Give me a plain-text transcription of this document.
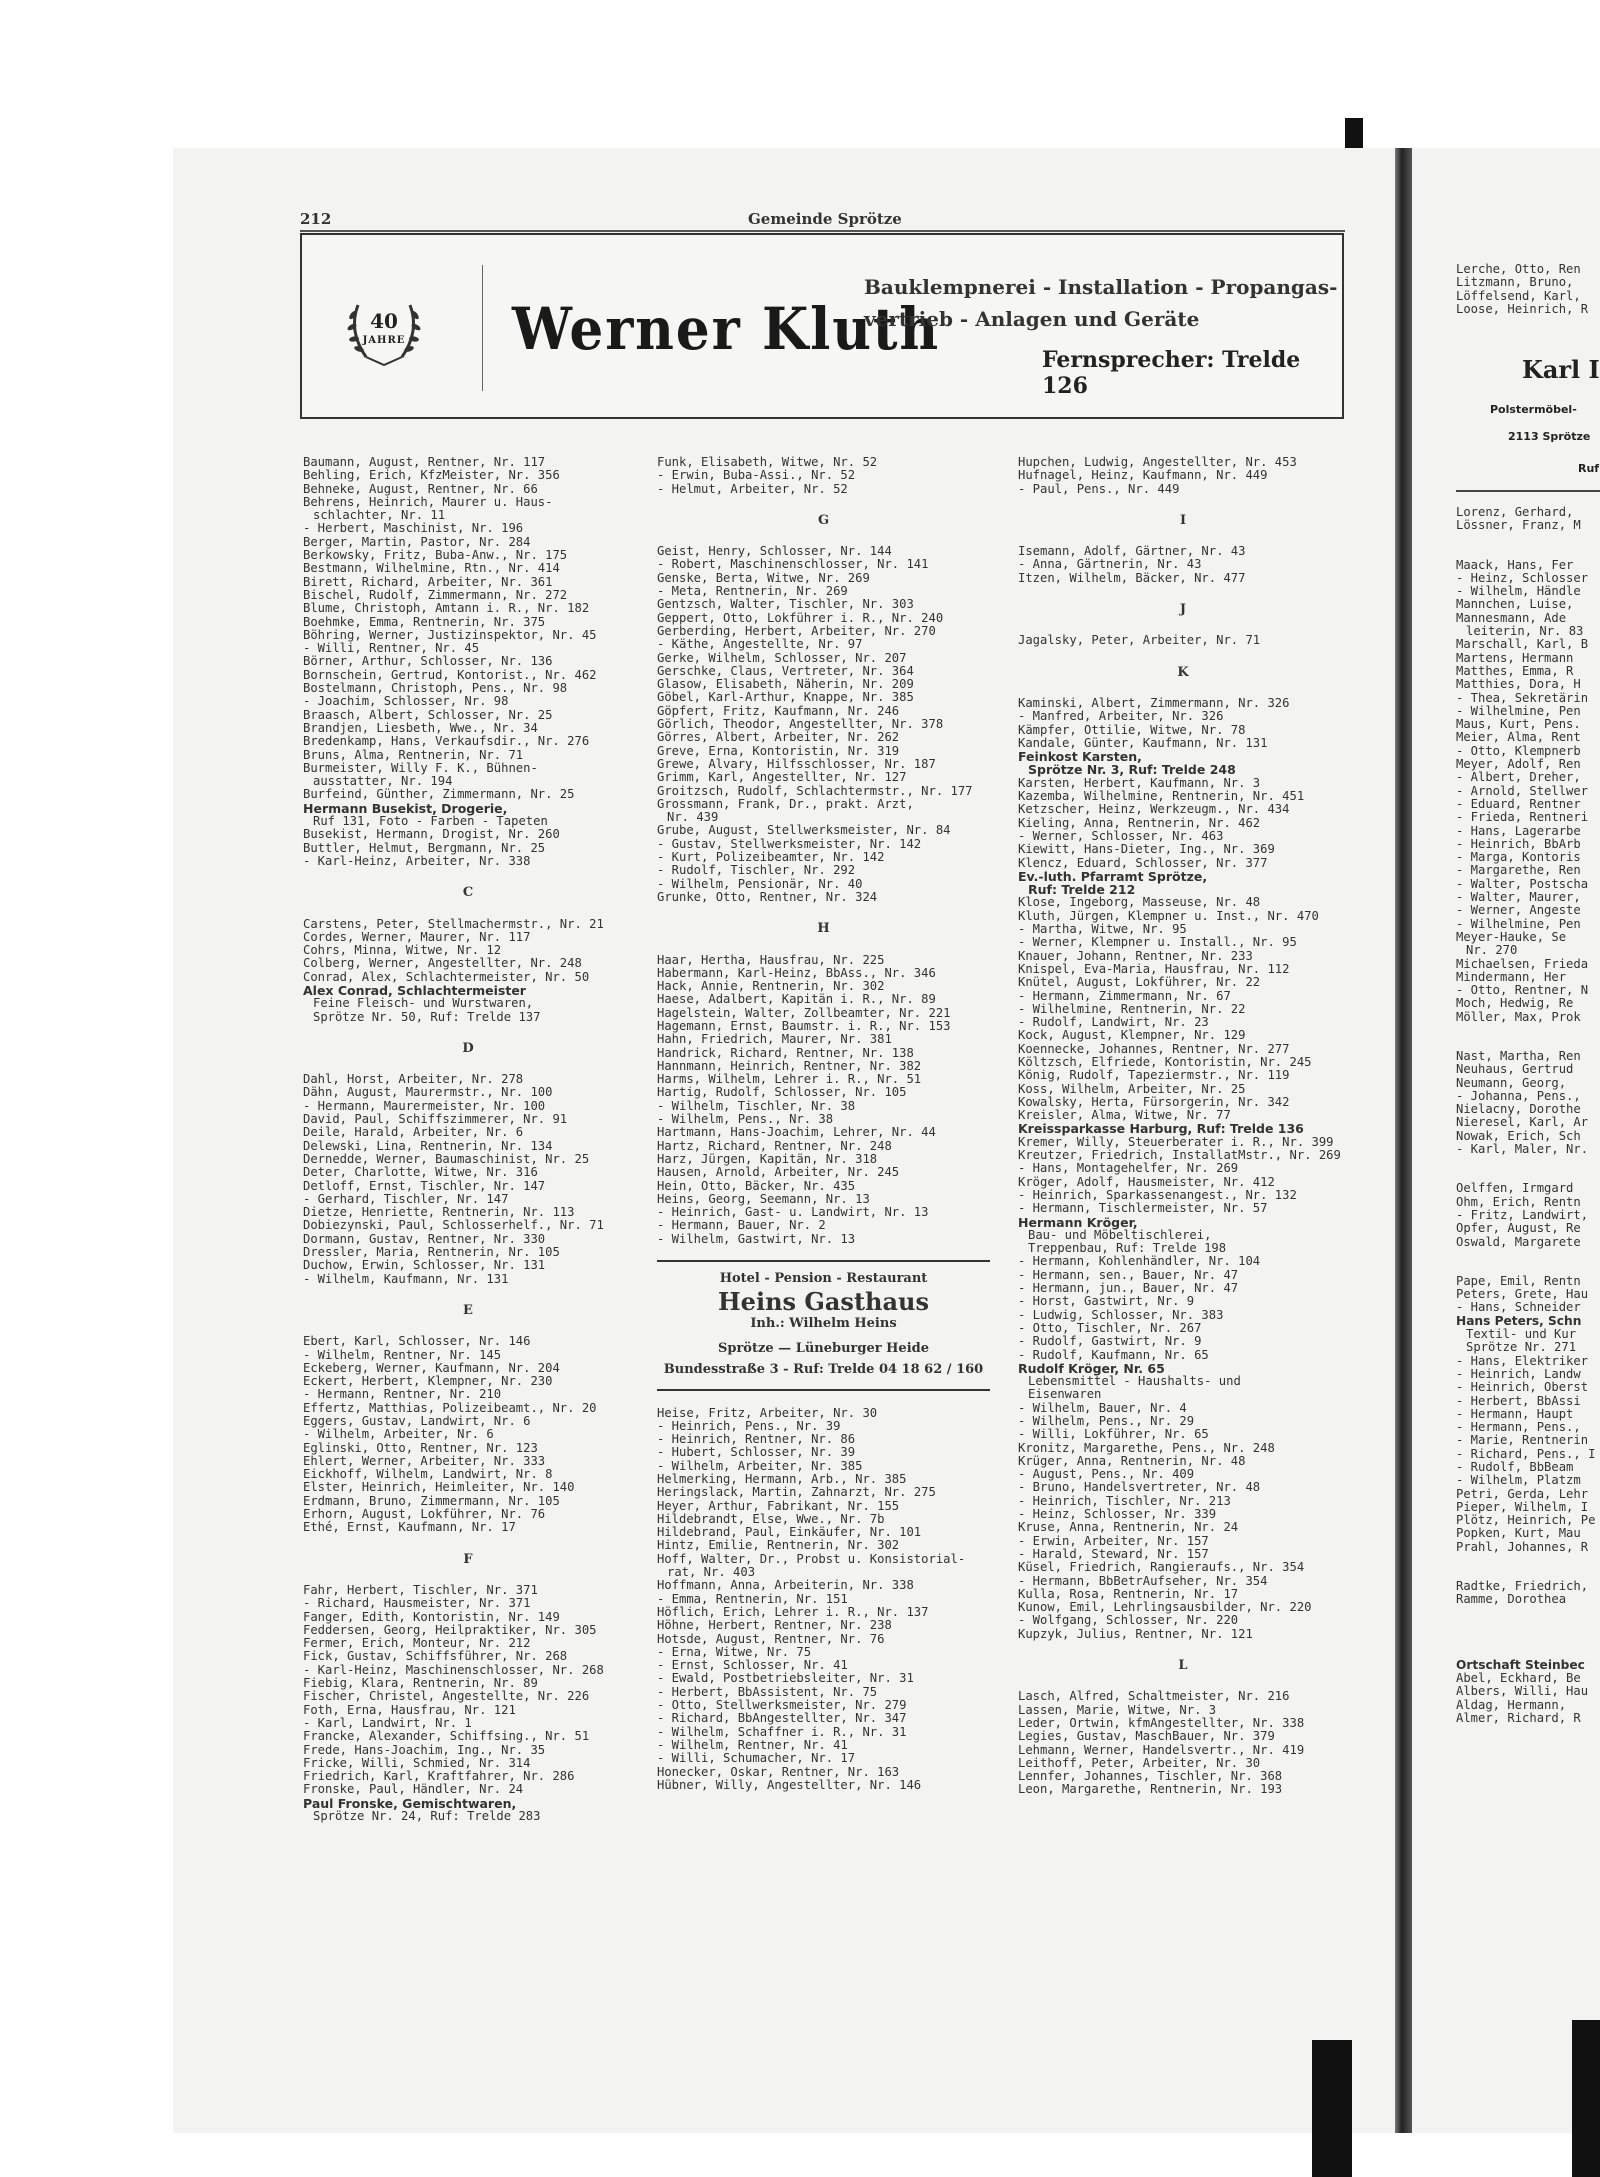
212	Gemeinde Sprötze
40
JAHRE	Werner Kluth
Bauklempnerei - Installation - Propangas-
vertrieb - Anlagen und Geräte
Fernsprecher: Trelde 126
Baumann, August, Rentner, Nr. 117
Behling, Erich, KfzMeister, Nr. 356
Behneke, August, Rentner, Nr. 66
Behrens, Heinrich, Maurer u. Haus-
schlachter, Nr. 11
- Herbert, Maschinist, Nr. 196
Berger, Martin, Pastor, Nr. 284
Berkowsky, Fritz, Buba-Anw., Nr. 175
Bestmann, Wilhelmine, Rtn., Nr. 414
Birett, Richard, Arbeiter, Nr. 361
Bischel, Rudolf, Zimmermann, Nr. 272
Blume, Christoph, Amtann i. R., Nr. 182
Boehmke, Emma, Rentnerin, Nr. 375
Böhring, Werner, Justizinspektor, Nr. 45
- Willi, Rentner, Nr. 45
Börner, Arthur, Schlosser, Nr. 136
Bornschein, Gertrud, Kontorist., Nr. 462
Bostelmann, Christoph, Pens., Nr. 98
- Joachim, Schlosser, Nr. 98
Braasch, Albert, Schlosser, Nr. 25
Brandjen, Liesbeth, Wwe., Nr. 34
Bredenkamp, Hans, Verkaufsdir., Nr. 276
Bruns, Alma, Rentnerin, Nr. 71
Burmeister, Willy F. K., Bühnen-
ausstatter, Nr. 194
Burfeind, Günther, Zimmermann, Nr. 25
Hermann Busekist, Drogerie,
Ruf 131, Foto - Farben - Tapeten
Busekist, Hermann, Drogist, Nr. 260
Buttler, Helmut, Bergmann, Nr. 25
- Karl-Heinz, Arbeiter, Nr. 338
C
Carstens, Peter, Stellmachermstr., Nr. 21
Cordes, Werner, Maurer, Nr. 117
Cohrs, Minna, Witwe, Nr. 12
Colberg, Werner, Angestellter, Nr. 248
Conrad, Alex, Schlachtermeister, Nr. 50
Alex Conrad, Schlachtermeister
Feine Fleisch- und Wurstwaren,
Sprötze Nr. 50, Ruf: Trelde 137
D
Dahl, Horst, Arbeiter, Nr. 278
Dähn, August, Maurermstr., Nr. 100
- Hermann, Maurermeister, Nr. 100
David, Paul, Schiffszimmerer, Nr. 91
Deile, Harald, Arbeiter, Nr. 6
Delewski, Lina, Rentnerin, Nr. 134
Dernedde, Werner, Baumaschinist, Nr. 25
Deter, Charlotte, Witwe, Nr. 316
Detloff, Ernst, Tischler, Nr. 147
- Gerhard, Tischler, Nr. 147
Dietze, Henriette, Rentnerin, Nr. 113
Dobiezynski, Paul, Schlosserhelf., Nr. 71
Dormann, Gustav, Rentner, Nr. 330
Dressler, Maria, Rentnerin, Nr. 105
Duchow, Erwin, Schlosser, Nr. 131
- Wilhelm, Kaufmann, Nr. 131
E
Ebert, Karl, Schlosser, Nr. 146
- Wilhelm, Rentner, Nr. 145
Eckeberg, Werner, Kaufmann, Nr. 204
Eckert, Herbert, Klempner, Nr. 230
- Hermann, Rentner, Nr. 210
Effertz, Matthias, Polizeibeamt., Nr. 20
Eggers, Gustav, Landwirt, Nr. 6
- Wilhelm, Arbeiter, Nr. 6
Eglinski, Otto, Rentner, Nr. 123
Ehlert, Werner, Arbeiter, Nr. 333
Eickhoff, Wilhelm, Landwirt, Nr. 8
Elster, Heinrich, Heimleiter, Nr. 140
Erdmann, Bruno, Zimmermann, Nr. 105
Erhorn, August, Lokführer, Nr. 76
Ethé, Ernst, Kaufmann, Nr. 17
F
Fahr, Herbert, Tischler, Nr. 371
- Richard, Hausmeister, Nr. 371
Fanger, Edith, Kontoristin, Nr. 149
Feddersen, Georg, Heilpraktiker, Nr. 305
Fermer, Erich, Monteur, Nr. 212
Fick, Gustav, Schiffsführer, Nr. 268
- Karl-Heinz, Maschinenschlosser, Nr. 268
Fiebig, Klara, Rentnerin, Nr. 89
Fischer, Christel, Angestellte, Nr. 226
Foth, Erna, Hausfrau, Nr. 121
- Karl, Landwirt, Nr. 1
Francke, Alexander, Schiffsing., Nr. 51
Frede, Hans-Joachim, Ing., Nr. 35
Fricke, Willi, Schmied, Nr. 314
Friedrich, Karl, Kraftfahrer, Nr. 286
Fronske, Paul, Händler, Nr. 24
Paul Fronske, Gemischtwaren,
Sprötze Nr. 24, Ruf: Trelde 283
Funk, Elisabeth, Witwe, Nr. 52
- Erwin, Buba-Assi., Nr. 52
- Helmut, Arbeiter, Nr. 52
G
Geist, Henry, Schlosser, Nr. 144
- Robert, Maschinenschlosser, Nr. 141
Genske, Berta, Witwe, Nr. 269
- Meta, Rentnerin, Nr. 269
Gentzsch, Walter, Tischler, Nr. 303
Geppert, Otto, Lokführer i. R., Nr. 240
Gerberding, Herbert, Arbeiter, Nr. 270
- Käthe, Angestellte, Nr. 97
Gerke, Wilhelm, Schlosser, Nr. 207
Gerschke, Claus, Vertreter, Nr. 364
Glasow, Elisabeth, Näherin, Nr. 209
Göbel, Karl-Arthur, Knappe, Nr. 385
Göpfert, Fritz, Kaufmann, Nr. 246
Görlich, Theodor, Angestellter, Nr. 378
Görres, Albert, Arbeiter, Nr. 262
Greve, Erna, Kontoristin, Nr. 319
Grewe, Alvary, Hilfsschlosser, Nr. 187
Grimm, Karl, Angestellter, Nr. 127
Groitzsch, Rudolf, Schlachtermstr., Nr. 177
Grossmann, Frank, Dr., prakt. Arzt,
Nr. 439
Grube, August, Stellwerksmeister, Nr. 84
- Gustav, Stellwerksmeister, Nr. 142
- Kurt, Polizeibeamter, Nr. 142
- Rudolf, Tischler, Nr. 292
- Wilhelm, Pensionär, Nr. 40
Grunke, Otto, Rentner, Nr. 324
H
Haar, Hertha, Hausfrau, Nr. 225
Habermann, Karl-Heinz, BbAss., Nr. 346
Hack, Annie, Rentnerin, Nr. 302
Haese, Adalbert, Kapitän i. R., Nr. 89
Hagelstein, Walter, Zollbeamter, Nr. 221
Hagemann, Ernst, Baumstr. i. R., Nr. 153
Hahn, Friedrich, Maurer, Nr. 381
Handrick, Richard, Rentner, Nr. 138
Hannmann, Heinrich, Rentner, Nr. 382
Harms, Wilhelm, Lehrer i. R., Nr. 51
Hartig, Rudolf, Schlosser, Nr. 105
- Wilhelm, Tischler, Nr. 38
- Wilhelm, Pens., Nr. 38
Hartmann, Hans-Joachim, Lehrer, Nr. 44
Hartz, Richard, Rentner, Nr. 248
Harz, Jürgen, Kapitän, Nr. 318
Hausen, Arnold, Arbeiter, Nr. 245
Hein, Otto, Bäcker, Nr. 435
Heins, Georg, Seemann, Nr. 13
- Heinrich, Gast- u. Landwirt, Nr. 13
- Hermann, Bauer, Nr. 2
- Wilhelm, Gastwirt, Nr. 13
Hotel - Pension - Restaurant
Heins Gasthaus
Inh.: Wilhelm Heins
Sprötze — Lüneburger Heide
Bundesstraße 3 - Ruf: Trelde 04 18 62 / 160
Heise, Fritz, Arbeiter, Nr. 30
- Heinrich, Pens., Nr. 39
- Heinrich, Rentner, Nr. 86
- Hubert, Schlosser, Nr. 39
- Wilhelm, Arbeiter, Nr. 385
Helmerking, Hermann, Arb., Nr. 385
Heringslack, Martin, Zahnarzt, Nr. 275
Heyer, Arthur, Fabrikant, Nr. 155
Hildebrandt, Else, Wwe., Nr. 7b
Hildebrand, Paul, Einkäufer, Nr. 101
Hintz, Emilie, Rentnerin, Nr. 302
Hoff, Walter, Dr., Probst u. Konsistorial-
rat, Nr. 403
Hoffmann, Anna, Arbeiterin, Nr. 338
- Emma, Rentnerin, Nr. 151
Höflich, Erich, Lehrer i. R., Nr. 137
Höhne, Herbert, Rentner, Nr. 238
Hotsde, August, Rentner, Nr. 76
- Erna, Witwe, Nr. 75
- Ernst, Schlosser, Nr. 41
- Ewald, Postbetriebsleiter, Nr. 31
- Herbert, BbAssistent, Nr. 75
- Otto, Stellwerksmeister, Nr. 279
- Richard, BbAngestellter, Nr. 347
- Wilhelm, Schaffner i. R., Nr. 31
- Wilhelm, Rentner, Nr. 41
- Willi, Schumacher, Nr. 17
Honecker, Oskar, Rentner, Nr. 163
Hübner, Willy, Angestellter, Nr. 146
Hupchen, Ludwig, Angestellter, Nr. 453
Hufnagel, Heinz, Kaufmann, Nr. 449
- Paul, Pens., Nr. 449
I
Isemann, Adolf, Gärtner, Nr. 43
- Anna, Gärtnerin, Nr. 43
Itzen, Wilhelm, Bäcker, Nr. 477
J
Jagalsky, Peter, Arbeiter, Nr. 71
K
Kaminski, Albert, Zimmermann, Nr. 326
- Manfred, Arbeiter, Nr. 326
Kämpfer, Ottilie, Witwe, Nr. 78
Kandale, Günter, Kaufmann, Nr. 131
Feinkost Karsten,
Sprötze Nr. 3, Ruf: Trelde 248
Karsten, Herbert, Kaufmann, Nr. 3
Kazemba, Wilhelmine, Rentnerin, Nr. 451
Ketzscher, Heinz, Werkzeugm., Nr. 434
Kieling, Anna, Rentnerin, Nr. 462
- Werner, Schlosser, Nr. 463
Kiewitt, Hans-Dieter, Ing., Nr. 369
Klencz, Eduard, Schlosser, Nr. 377
Ev.-luth. Pfarramt Sprötze,
Ruf: Trelde 212
Klose, Ingeborg, Masseuse, Nr. 48
Kluth, Jürgen, Klempner u. Inst., Nr. 470
- Martha, Witwe, Nr. 95
- Werner, Klempner u. Install., Nr. 95
Knauer, Johann, Rentner, Nr. 233
Knispel, Eva-Maria, Hausfrau, Nr. 112
Knütel, August, Lokführer, Nr. 22
- Hermann, Zimmermann, Nr. 67
- Wilhelmine, Rentnerin, Nr. 22
- Rudolf, Landwirt, Nr. 23
Kock, August, Klempner, Nr. 129
Koennecke, Johannes, Rentner, Nr. 277
Költzsch, Elfriede, Kontoristin, Nr. 245
König, Rudolf, Tapeziermstr., Nr. 119
Koss, Wilhelm, Arbeiter, Nr. 25
Kowalsky, Herta, Fürsorgerin, Nr. 342
Kreisler, Alma, Witwe, Nr. 77
Kreissparkasse Harburg, Ruf: Trelde 136
Kremer, Willy, Steuerberater i. R., Nr. 399
Kreutzer, Friedrich, InstallatMstr., Nr. 269
- Hans, Montagehelfer, Nr. 269
Kröger, Adolf, Hausmeister, Nr. 412
- Heinrich, Sparkassenangest., Nr. 132
- Hermann, Tischlermeister, Nr. 57
Hermann Kröger,
Bau- und Möbeltischlerei,
Treppenbau, Ruf: Trelde 198
- Hermann, Kohlenhändler, Nr. 104
- Hermann, sen., Bauer, Nr. 47
- Hermann, jun., Bauer, Nr. 47
- Horst, Gastwirt, Nr. 9
- Ludwig, Schlosser, Nr. 383
- Otto, Tischler, Nr. 267
- Rudolf, Gastwirt, Nr. 9
- Rudolf, Kaufmann, Nr. 65
Rudolf Kröger, Nr. 65
Lebensmittel - Haushalts- und
Eisenwaren
- Wilhelm, Bauer, Nr. 4
- Wilhelm, Pens., Nr. 29
- Willi, Lokführer, Nr. 65
Kronitz, Margarethe, Pens., Nr. 248
Krüger, Anna, Rentnerin, Nr. 48
- August, Pens., Nr. 409
- Bruno, Handelsvertreter, Nr. 48
- Heinrich, Tischler, Nr. 213
- Heinz, Schlosser, Nr. 339
Kruse, Anna, Rentnerin, Nr. 24
- Erwin, Arbeiter, Nr. 157
- Harald, Steward, Nr. 157
Küsel, Friedrich, Rangieraufs., Nr. 354
- Hermann, BbBetrAufseher, Nr. 354
Kulla, Rosa, Rentnerin, Nr. 17
Kunow, Emil, Lehrlingsausbilder, Nr. 220
- Wolfgang, Schlosser, Nr. 220
Kupzyk, Julius, Rentner, Nr. 121
L
Lasch, Alfred, Schaltmeister, Nr. 216
Lassen, Marie, Witwe, Nr. 3
Leder, Ortwin, kfmAngestellter, Nr. 338
Legies, Gustav, MaschBauer, Nr. 379
Lehmann, Werner, Handelsvertr., Nr. 419
Leithoff, Peter, Arbeiter, Nr. 30
Lennfer, Johannes, Tischler, Nr. 368
Leon, Margarethe, Rentnerin, Nr. 193
Lerche, Otto, Ren
Litzmann, Bruno,
Löffelsend, Karl,
Loose, Heinrich, R
Karl I
Polstermöbel-
2113 Sprötze
Ruf
Lorenz, Gerhard,
Lössner, Franz, M
Maack, Hans, Fer
- Heinz, Schlosser
- Wilhelm, Händle
Mannchen, Luise,
Mannesmann, Ade
leiterin, Nr. 83
Marschall, Karl, B
Martens, Hermann
Matthes, Emma, R
Matthies, Dora, H
- Thea, Sekretärin
- Wilhelmine, Pen
Maus, Kurt, Pens.
Meier, Alma, Rent
- Otto, Klempnerb
Meyer, Adolf, Ren
- Albert, Dreher,
- Arnold, Stellwer
- Eduard, Rentner
- Frieda, Rentneri
- Hans, Lagerarbe
- Heinrich, BbArb
- Marga, Kontoris
- Margarethe, Ren
- Walter, Postscha
- Walter, Maurer,
- Werner, Angeste
- Wilhelmine, Pen
Meyer-Hauke, Se
Nr. 270
Michaelsen, Frieda
Mindermann, Her
- Otto, Rentner, N
Moch, Hedwig, Re
Möller, Max, Prok
Nast, Martha, Ren
Neuhaus, Gertrud
Neumann, Georg,
- Johanna, Pens.,
Nielacny, Dorothe
Nieresel, Karl, Ar
Nowak, Erich, Sch
- Karl, Maler, Nr.
Oelffen, Irmgard
Ohm, Erich, Rentn
- Fritz, Landwirt,
Opfer, August, Re
Oswald, Margarete
Pape, Emil, Rentn
Peters, Grete, Hau
- Hans, Schneider
Hans Peters, Schn
Textil- und Kur
Sprötze Nr. 271
- Hans, Elektriker
- Heinrich, Landw
- Heinrich, Oberst
- Herbert, BbAssi
- Hermann, Haupt
- Hermann, Pens.,
- Marie, Rentnerin
- Richard, Pens., I
- Rudolf, BbBeam
- Wilhelm, Platzm
Petri, Gerda, Lehr
Pieper, Wilhelm, I
Plötz, Heinrich, Pe
Popken, Kurt, Mau
Prahl, Johannes, R
Radtke, Friedrich,
Ramme, Dorothea
Ortschaft Steinbec
Abel, Eckhard, Be
Albers, Willi, Hau
Aldag, Hermann,
Almer, Richard, R
